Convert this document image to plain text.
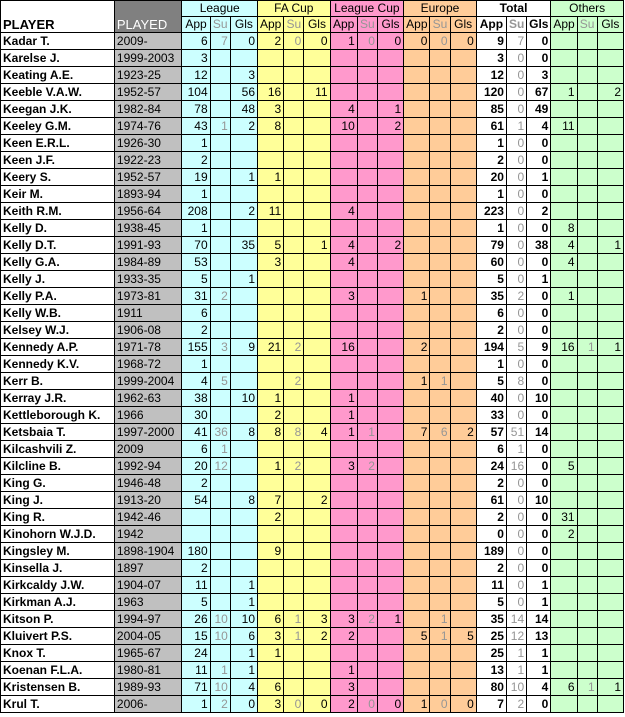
		League			FA Cup			League Cup			Europe			Total			Others		
PLAYER	PLAYED	App	Su	Gls	App	Su	Gls	App	Su	Gls	App	Su	Gls	App	Su	Gls	App	Su	Gls
Kadar T.	2009-	6	7	0	2	0	0	1	0	0	0	0	0	9	7	0			
Karelse J.	1999-2003	3												3	0	0			
Keating A.E.	1923-25	12		3										12	0	3			
Keeble V.A.W.	1952-57	104		56	16		11							120	0	67	1		2
Keegan J.K.	1982-84	78		48	3			4		1				85	0	49			
Keeley G.M.	1974-76	43	1	2	8			10		2				61	1	4	11		
Keen E.R.L.	1926-30	1												1	0	0			
Keen J.F.	1922-23	2												2	0	0			
Keery S.	1952-57	19		1	1									20	0	1			
Keir M.	1893-94	1												1	0	0			
Keith R.M.	1956-64	208		2	11			4						223	0	2			
Kelly D.	1938-45	1												1	0	0	8		
Kelly D.T.	1991-93	70		35	5		1	4		2				79	0	38	4		1
Kelly G.A.	1984-89	53			3			4						60	0	0	4		
Kelly J.	1933-35	5		1										5	0	1			
Kelly P.A.	1973-81	31	2					3			1			35	2	0	1		
Kelly W.B.	1911	6												6	0	0			
Kelsey W.J.	1906-08	2												2	0	0			
Kennedy A.P.	1971-78	155	3	9	21	2		16			2			194	5	9	16	1	1
Kennedy K.V.	1968-72	1												1	0	0			
Kerr B.	1999-2004	4	5			2					1	1		5	8	0			
Kerray J.R.	1962-63	38		10	1			1						40	0	10			
Kettleborough K.	1966	30			2			1						33	0	0			
Ketsbaia T.	1997-2000	41	36	8	8	8	4	1	1		7	6	2	57	51	14			
Kilcashvili Z.	2009	6	1											6	1	0			
Kilcline B.	1992-94	20	12		1	2		3	2					24	16	0	5		
King G.	1946-48	2												2	0	0			
King J.	1913-20	54		8	7		2							61	0	10			
King R.	1942-46				2									2	0	0	31		
Kinohorn W.J.D.	1942													0	0	0	2		
Kingsley M.	1898-1904	180			9									189	0	0			
Kinsella J.	1897	2												2	0	0			
Kirkcaldy J.W.	1904-07	11		1										11	0	1			
Kirkman A.J.	1963	5		1										5	0	1			
Kitson P.	1994-97	26	10	10	6	1	3	3	2	1		1		35	14	14			
Kluivert P.S.	2004-05	15	10	6	3	1	2	2			5	1	5	25	12	13			
Knox T.	1965-67	24		1	1									25	1	1			
Koenan F.L.A.	1980-81	11	1	1				1						13	1	1			
Kristensen B.	1989-93	71	10	4	6			3						80	10	4	6	1	1
Krul T.	2006-	1	2	0	3	0	0	2	0	0	1	0	0	7	2	0			
